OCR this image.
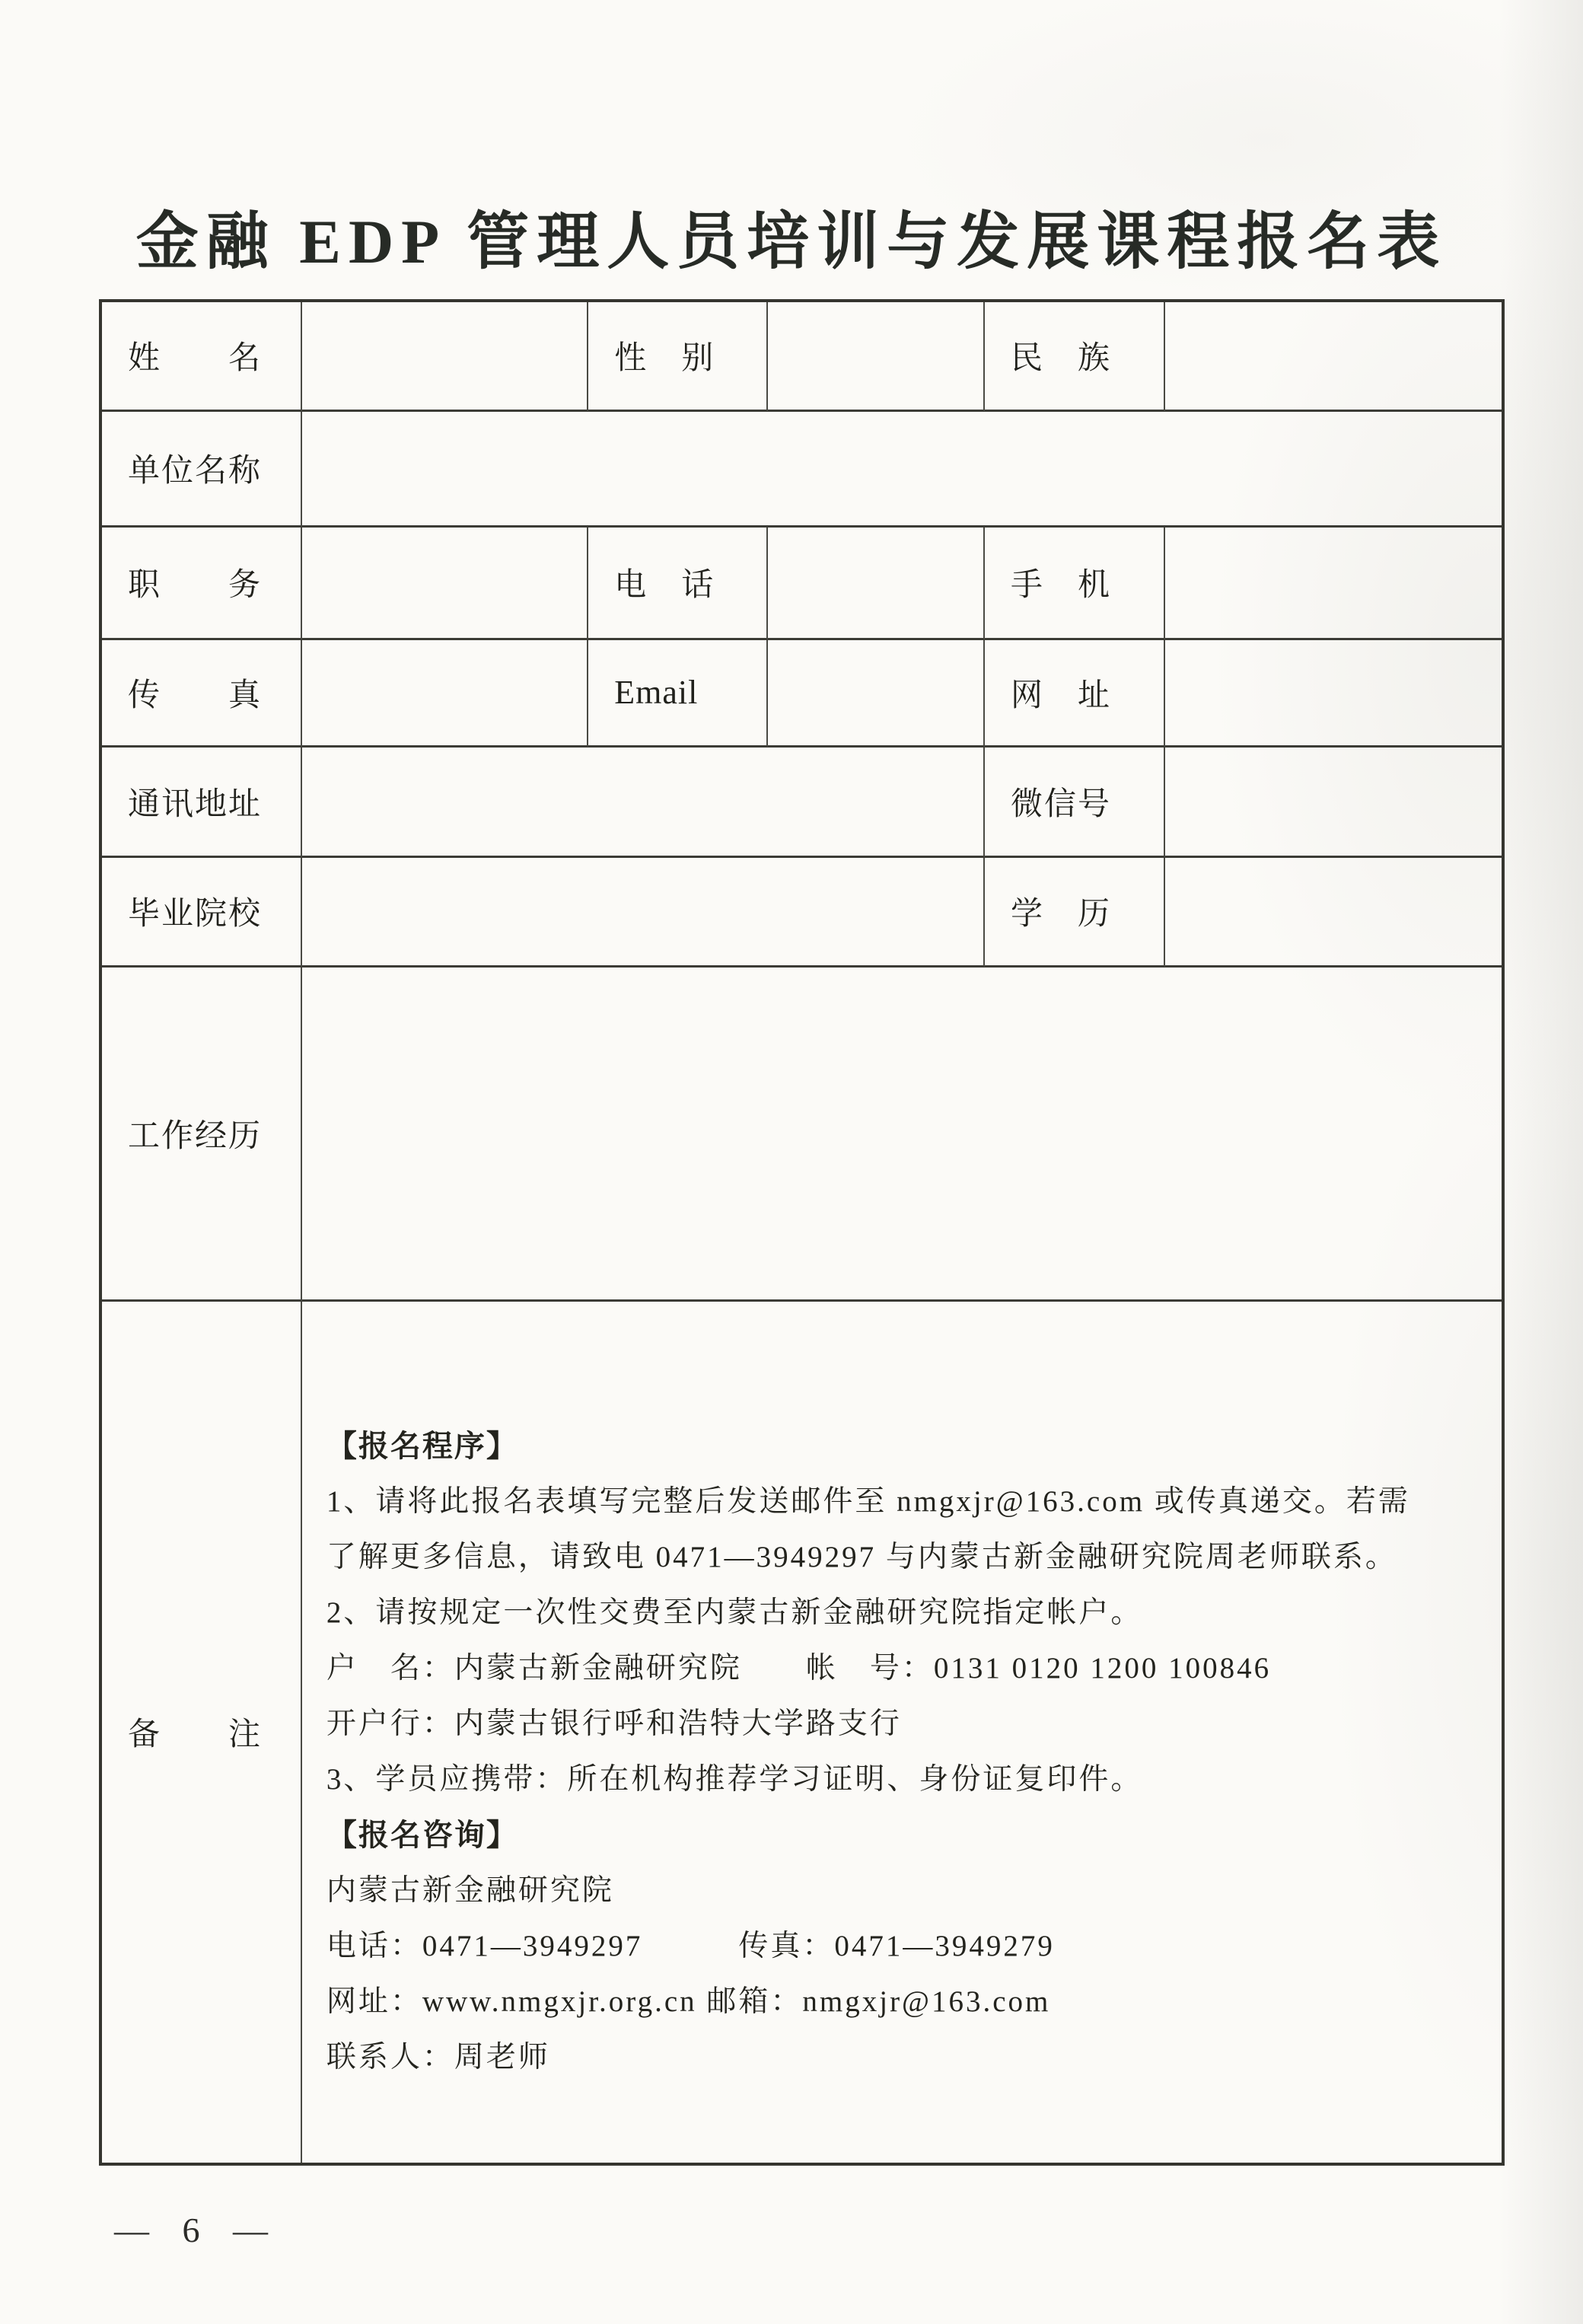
金融 EDP 管理人员培训与发展课程报名表
姓　　名	性　别	民　族
单位名称
职　　务	电　话	手　机
传　　真	Email	网　址
通讯地址	微信号
毕业院校	学　历
工作经历
备　　注
【报名程序】
1、请将此报名表填写完整后发送邮件至 nmgxjr@163.com 或传真递交。若需
了解更多信息，请致电 0471—3949297 与内蒙古新金融研究院周老师联系。
2、请按规定一次性交费至内蒙古新金融研究院指定帐户。
户　名：内蒙古新金融研究院　　帐　号：0131 0120 1200 100846
开户行：内蒙古银行呼和浩特大学路支行
3、学员应携带：所在机构推荐学习证明、身份证复印件。
【报名咨询】
内蒙古新金融研究院
电话：0471—3949297　　　传真：0471—3949279
网址：www.nmgxjr.org.cn 邮箱：nmgxjr@163.com
联系人：周老师
— 6 —
